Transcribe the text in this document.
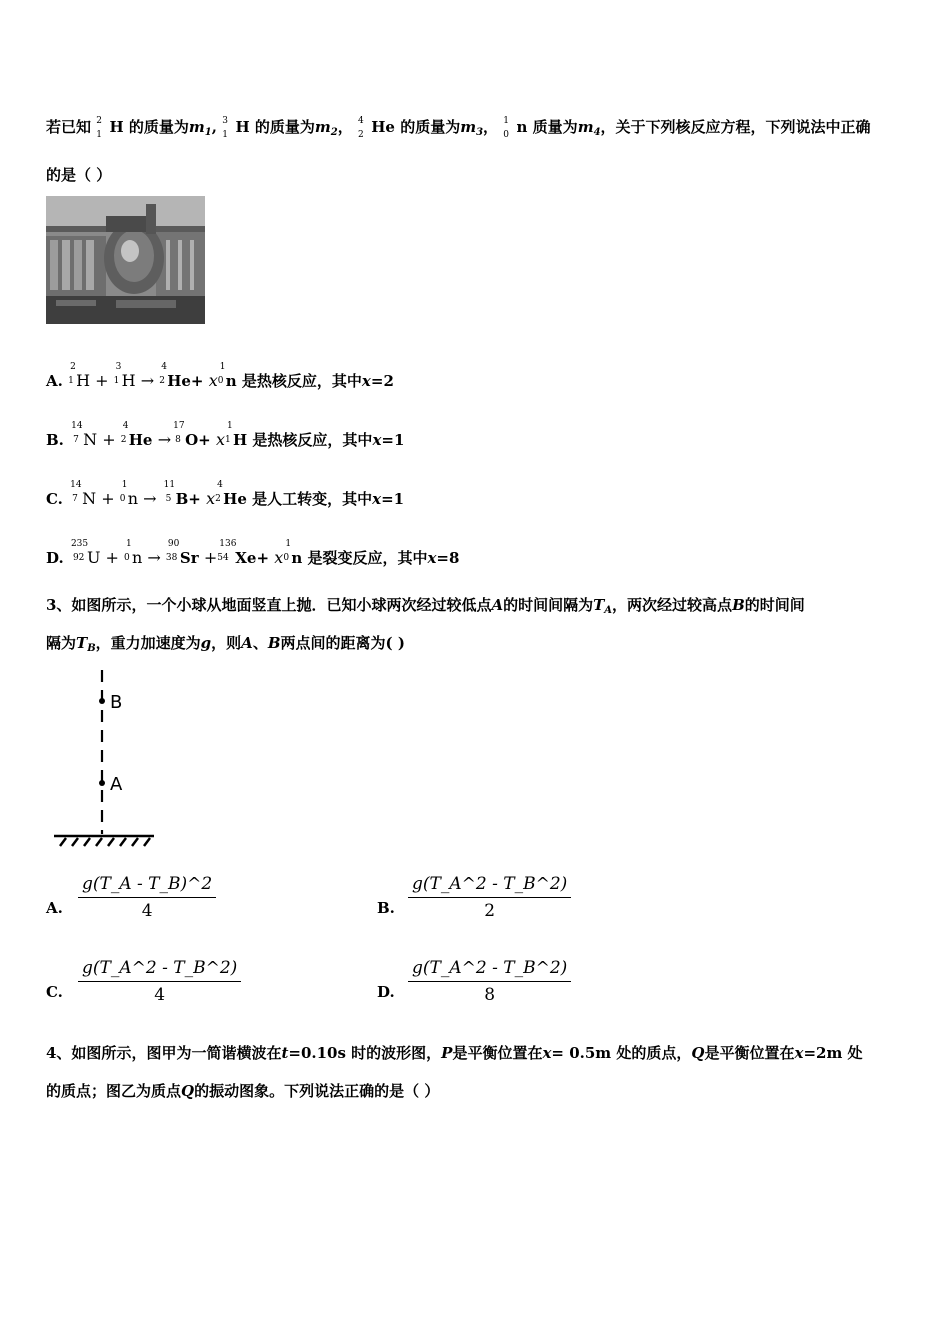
若已知 2
1 H 的质量为$m_1$, 3
1 H 的质量为$m_2$， 4
2 He 的质量为$m_3$， 1
0 n 质量为$m_4$，关于下列核反应方程，下列说法中正确
的是（ ）
A.
2
1 H +
3
1 H →
4
2 He+ x
1
0 n 是热核反应，其中x=2
B.
14
7 N +
4
2 He →
17
8 O+ x
1
1 H 是热核反应，其中x=1
C.
14
7 N +
1
0 n →
11
5 B+ x
4
2 He 是人工转变，其中x=1
D.
235
92 U +
1
0 n →
90
38 Sr +
136
54 Xe+ x
1
0 n 是裂变反应，其中x=8
3、如图所示，一个小球从地面竖直上抛．已知小球两次经过较低点A的时间间隔为$T_A$，两次经过较高点B的时间间
隔为$T_B$，重力加速度为g，则A、B两点间的距离为( )
B
A
A. $\frac{g(T\_A - T\_B)\^{}2}{4}$	B. $\frac{g(T\_A\^{}2 - T\_B\^{}2)}{2}$
C. $\frac{g(T\_A\^{}2 - T\_B\^{}2)}{4}$	D. $\frac{g(T\_A\^{}2 - T\_B\^{}2)}{8}$
4、如图所示，图甲为一简谐横波在t=0.10s 时的波形图，P是平衡位置在x= 0.5m 处的质点，Q是平衡位置在x=2m 处
的质点；图乙为质点Q的振动图象。下列说法正确的是（ ）
